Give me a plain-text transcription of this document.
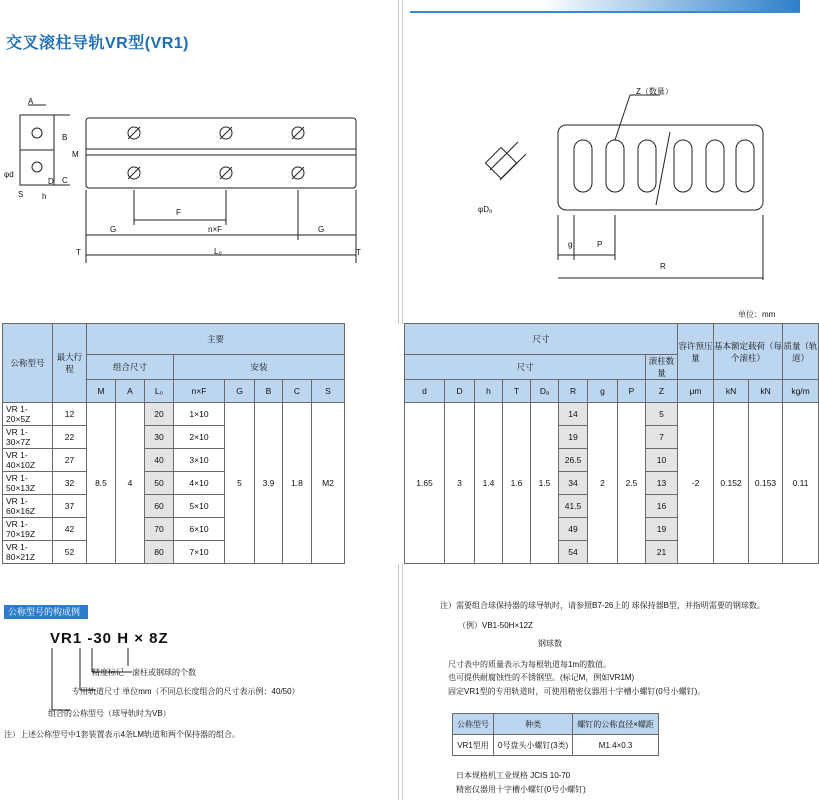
交叉滚柱导轨VR型(VR1)
A
B
M
C
φd
D
h
S
G
F
n×F	G
L₀
T	T
Z（数量）
φDₐ
g	P
R
单位：mm
公称型号	最大行程	主要									尺寸									容许预压量	基本额定载荷（每个滚柱）		质量（轨道）
		组合尺寸			安装						尺寸								滚柱数量				
		M	A	L₀	n×F	G	B	C	S		d	D	h	T	Dₐ	R	g	P	Z	μm	kN	kN	kg/m
VR 1-20×5Z	12	8.5	4	20	1×10	5	3.9	1.8	M2		1.65	3	1.4	1.6	1.5	14	2	2.5	5	-2	0.152	0.153	0.11
VR 1-30×7Z	22			30	2×10											19			7				
VR 1-40×10Z	27			40	3×10											26.5			10				
VR 1-50×13Z	32			50	4×10											34			13				
VR 1-60×16Z	37			60	5×10											41.5			16				
VR 1-70×19Z	42			70	6×10											49			19				
VR 1-80×21Z	52			80	7×10											54			21				
公称型号的构成例
VR1 -30 H × 8Z
精度标记　滚柱或钢球的个数
专用轨道尺寸 单位mm（不同总长度组合的尺寸表示例：40/50）
组合的公称型号（球导轨时为VB）
注）上述公称型号中1套装置表示4条LM轨道和两个保持器的组合。
注）需要组合球保持器的球导轨时，请参照B7-26上的 球保持器B型，并指明需要的钢球数。
（例）VB1-50H×12Z
钢球数
尺寸表中的质量表示为每根轨道每1m的数值。
也可提供耐腐蚀性的不锈钢型。(标记M，例如VR1M)
固定VR1型的专用轨道时，可使用精密仪器用十字槽小螺钉(0号小螺钉)。
公称型号	种类	螺钉的公称直径×螺距
VR1型用	0号盘头小螺钉(3类)	M1.4×0.3
日本规格机工业规格 JCIS 10-70
精密仪器用十字槽小螺钉(0号小螺钉)
